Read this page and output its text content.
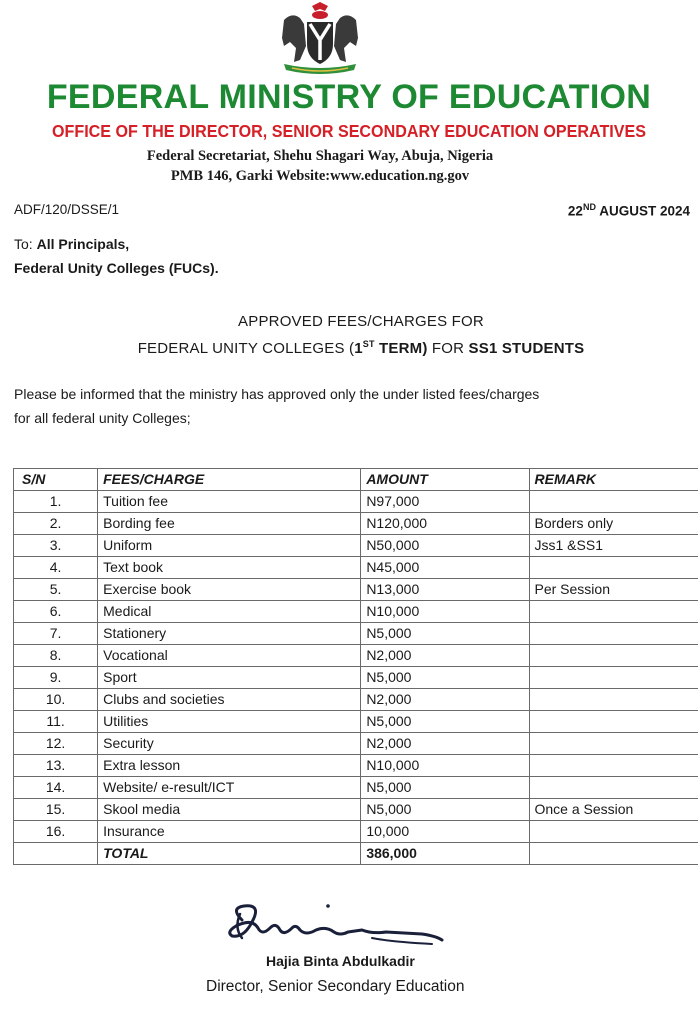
FEDERAL MINISTRY OF EDUCATION
OFFICE OF THE DIRECTOR, SENIOR SECONDARY EDUCATION OPERATIVES
Federal Secretariat, Shehu Shagari Way, Abuja, Nigeria
PMB 146, Garki Website:www.education.ng.gov
ADF/120/DSSE/1	22ND AUGUST 2024
To: All Principals,
Federal Unity Colleges (FUCs).
APPROVED FEES/CHARGES FOR
FEDERAL UNITY COLLEGES (1ST TERM) FOR SS1 STUDENTS
Please be informed that the ministry has approved only the under listed fees/charges
for all federal unity Colleges;
S/N	FEES/CHARGE	AMOUNT	REMARK
1.	Tuition fee	N97,000	
2.	Bording fee	N120,000	Borders only
3.	Uniform	N50,000	Jss1 &SS1
4.	Text book	N45,000	
5.	Exercise book	N13,000	Per Session
6.	Medical	N10,000	
7.	Stationery	N5,000	
8.	Vocational	N2,000	
9.	Sport	N5,000	
10.	Clubs and societies	N2,000	
11.	Utilities	N5,000	
12.	Security	N2,000	
13.	Extra lesson	N10,000	
14.	Website/ e-result/ICT	N5,000	
15.	Skool media	N5,000	Once a Session
16.	Insurance	10,000	
	TOTAL	386,000	
Hajia Binta Abdulkadir
Director, Senior Secondary Education
